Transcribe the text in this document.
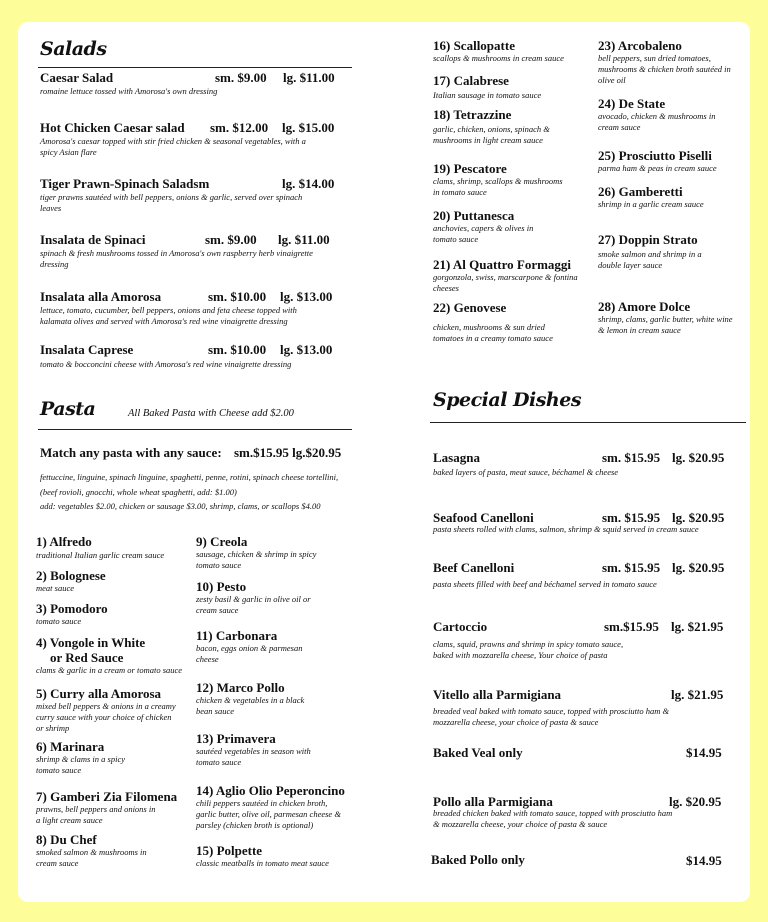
Salads
Caesar Salad	sm. $9.00 lg. $11.00
romaine lettuce tossed with Amorosa's own dressing
Hot Chicken Caesar salad sm. $12.00 lg. $15.00
Amorosa's caesar topped with stir fried chicken & seasonal vegetables, with a spicy Asian flare
Tiger Prawn-Spinach Saladsm	lg. $14.00
tiger prawns sautéed with bell peppers, onions & garlic, served over spinach leaves
Insalata de Spinaci	sm. $9.00 lg. $11.00
spinach & fresh mushrooms tossed in Amorosa's own raspberry herb vinaigrette dressing
Insalata alla Amorosa	sm. $10.00 lg. $13.00
lettuce, tomato, cucumber, bell peppers, onions and feta cheese topped with kalamata olives and served with Amorosa's red wine vinaigrette dressing
Insalata Caprese	sm. $10.00 lg. $13.00
tomato & bocconcini cheese with Amorosa's red wine vinaigrette dressing
Pasta	All Baked Pasta with Cheese add $2.00
Match any pasta with any sauce: sm.$15.95 lg.$20.95
fettuccine, linguine, spinach linguine, spaghetti, penne, rotini, spinach cheese tortellini,
(beef rovioli, gnocchi, whole wheat spaghetti, add: $1.00)
add: vegetables $2.00, chicken or sausage $3.00, shrimp, clams, or scallops $4.00
1) Alfredo
traditional Italian garlic cream sauce
2) Bolognese
meat sauce
3) Pomodoro
tomato sauce
4) Vongole in White
or Red Sauce
clams & garlic in a cream or tomato sauce
5) Curry alla Amorosa
mixed bell peppers & onions in a creamy curry sauce with your choice of chicken or shrimp
6) Marinara
shrimp & clams in a spicy tomato sauce
7) Gamberi Zia Filomena
prawns, bell peppers and onions in a light cream sauce
8) Du Chef
smoked salmon & mushrooms in cream sauce
9) Creola
sausage, chicken & shrimp in spicy tomato sauce
10) Pesto
zesty basil & garlic in olive oil or cream sauce
11) Carbonara
bacon, eggs onion & parmesan cheese
12) Marco Pollo
chicken & vegetables in a black bean sauce
13) Primavera
sautéed vegetables in season with tomato sauce
14) Aglio Olio Peperoncino
chili peppers sautéed in chicken broth, garlic butter, olive oil, parmesan cheese & parsley (chicken broth is optional)
15) Polpette
classic meatballs in tomato meat sauce
16) Scallopatte
scallops & mushrooms in cream sauce
17) Calabrese
Italian sausage in tomato sauce
18) Tetrazzine
garlic, chicken, onions, spinach & mushrooms in light cream sauce
19) Pescatore
clams, shrimp, scallops & mushrooms in tomato sauce
20) Puttanesca
anchovies, capers & olives in tomato sauce
21) Al Quattro Formaggi
gorgonzola, swiss, marscarpone & fontina cheeses
22) Genovese
chicken, mushrooms & sun dried tomatoes in a creamy tomato sauce
23) Arcobaleno
bell peppers, sun dried tomatoes, mushrooms & chicken broth sautéed in olive oil
24) De State
avocado, chicken & mushrooms in cream sauce
25) Prosciutto Piselli
parma ham & peas in cream sauce
26) Gamberetti
shrimp in a garlic cream sauce
27) Doppin Strato
smoke salmon and shrimp in a double layer sauce
28) Amore Dolce
shrimp, clams, garlic butter, white wine & lemon in cream sauce
Special Dishes
Lasagna	sm. $15.95 lg. $20.95
baked layers of pasta, meat sauce, béchamel & cheese
Seafood Canelloni	sm. $15.95 lg. $20.95
pasta sheets rolled with clams, salmon, shrimp & squid served in cream sauce
Beef Canelloni	sm. $15.95 lg. $20.95
pasta sheets filled with beef and béchamel served in tomato sauce
Cartoccio	sm.$15.95 lg. $21.95
clams, squid, prawns and shrimp in spicy tomato sauce, baked with mozzarella cheese, Your choice of pasta
Vitello alla Parmigiana	lg. $21.95
breaded veal baked with tomato sauce, topped with prosciutto ham & mozzarella cheese, your choice of pasta & sauce
Baked Veal only	$14.95
Pollo alla Parmigiana	lg. $20.95
breaded chicken baked with tomato sauce, topped with prosciutto ham & mozzarella cheese, your choice of pasta & sauce
Baked Pollo only	$14.95
